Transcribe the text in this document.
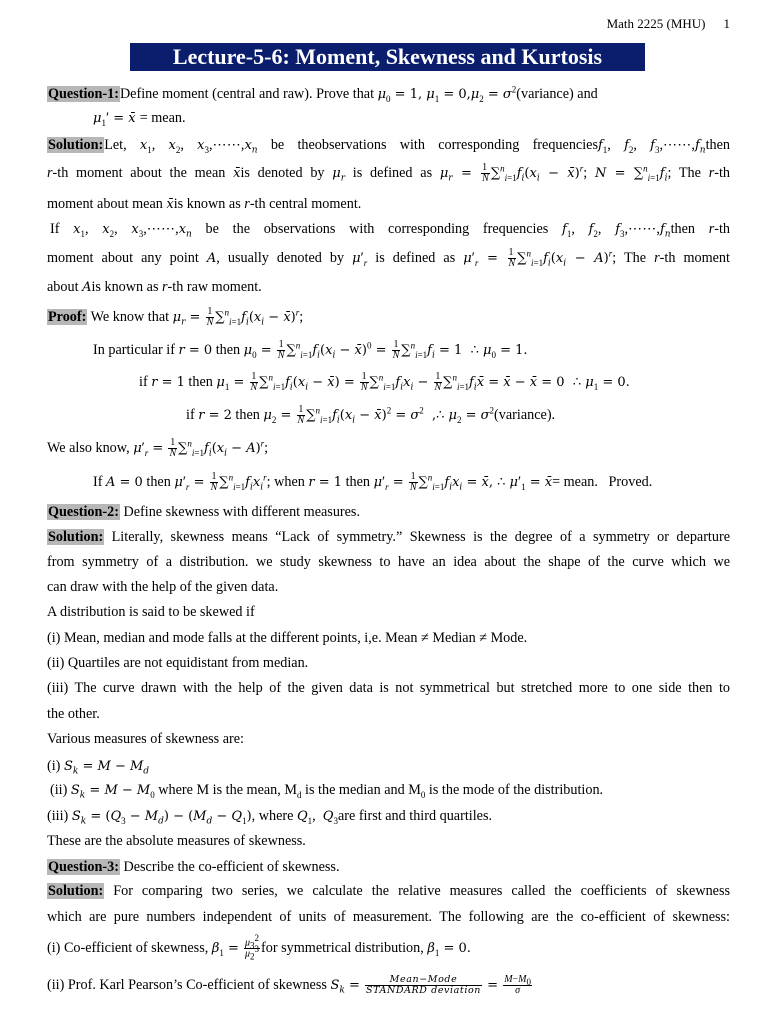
Math 2225 (MHU) 1
Lecture-5-6: Moment, Skewness and Kurtosis
Question-1:Define moment (central and raw). Prove that $\mu_0 = 1$, $\mu_1 = 0,\mu_2$ = $\sigma^2(variance)$ and
$\mu_1'$ = x̄ = mean.
Solution:Let, $x_1$, $x_2$, $x_3,\cdots\cdots,x_n$ be theobservations with corresponding frequenciesf$_1$, $f_2$, $f_3,\cdots\cdots,f_nthen$
r-th moment about the mean x̄is denoted by $\mu_r$ is defined as $\mu_r = \frac{1}{N} \sum^n_{i=1}f_i(x_i$ − x̄)$^r$; $N = \sum^n_{i=1}f_i$; The r-th
moment about mean x̄is known as r-th central moment.
If $x_1$, $x_2$, $x_3,\cdots\cdots,x_n$ be the observations with corresponding frequencies $f_1$, $f_2$, $f_3,\cdots\cdots,f_nthen$ r-th
moment about any point A, usually denoted by $\mu'_r$ is defined as $\mu'_r = \frac{1}{N} \sum^n_{i=1}f_i(x_i - A)^r$; The r-th moment
about Ais known as r-th raw moment.
Proof: We know that $\mu_r = \frac{1}{N} \sum^n_{i=1}f_i(x_i$ − x̄)$^r$;
In particular if r = 0 then $\mu_0 = \frac{1}{N} \sum^n_{i=1}f_i(x_i$ − x̄)$^0$ = $\frac{1}{N} \sum^n_{i=1}f_i = 1$  ∴ $\mu_0 = 1$.
if r = 1 then $\mu_1 = \frac{1}{N} \sum^n_{i=1}f_i(x_i$ − x̄) = $\frac{1}{N} \sum^n_{i=1}f_ix_i - \frac{1}{N}$ $\sum^n_{i=1}f_ix̄$ = x̄ − x̄ = 0  ∴ $\mu_1 = 0$.
if r = 2 then $\mu_2 = \frac{1}{N} \sum^n_{i=1}f_i(x_i$ − x̄)$^2$ = $\sigma^2$  ,∴ $\mu_2$ = $\sigma^2(variance)$.
We also know, $\mu'_r = \frac{1}{N} \sum^n_{i=1}f_i(x_i - A)^r$;
If A = 0 then $\mu'_r = \frac{1}{N} \sum^n_{i=1}f_ix_i^r$; when r = 1 then $\mu'_r = \frac{1}{N} \sum^n_{i=1}f_ix_i$ = x̄, ∴ $\mu'_1$ = x̄= mean. Proved.
Question-2: Define skewness with different measures.
Solution: Literally, skewness means “Lack of symmetry.” Skewness is the degree of a symmetry or departure
from symmetry of a distribution. we study skewness to have an idea about the shape of the curve which we
can draw with the help of the given data.
A distribution is said to be skewed if
(i) Mean, median and mode falls at the different points, i,e. Mean ≠ Median ≠ Mode.
(ii) Quartiles are not equidistant from median.
(iii) The curve drawn with the help of the given data is not symmetrical but stretched more to one side then to
the other.
Various measures of skewness are:
(i) $S_k = M - M_d$
(ii) $S_k = M - M_0$ where M is the mean, $M_d$ is the median and $M_0$ is the mode of the distribution.
(iii) $S_k = (Q_3 - M_d) - (M_d - Q_1)$, where $Q_1$,  $Q_3are$ first and third quartiles.
These are the absolute measures of skewness.
Question-3: Describe the co-efficient of skewness.
Solution: For comparing two series, we calculate the relative measures called the coefficients of skewness
which are pure numbers independent of units of measurement. The following are the co-efficient of skewness:
(i) Co-efficient of skewness, $\beta_1 = \frac{\mu_3^2}{\mu_2^3}$ for symmetrical distribution, $\beta_1 = 0$.
(ii) Prof. Karl Pearson’s Co-efficient of skewness $S_k$ =	Mean−Mode
STANDARD deviation = $\frac{M-M_0}{\sigma}$
